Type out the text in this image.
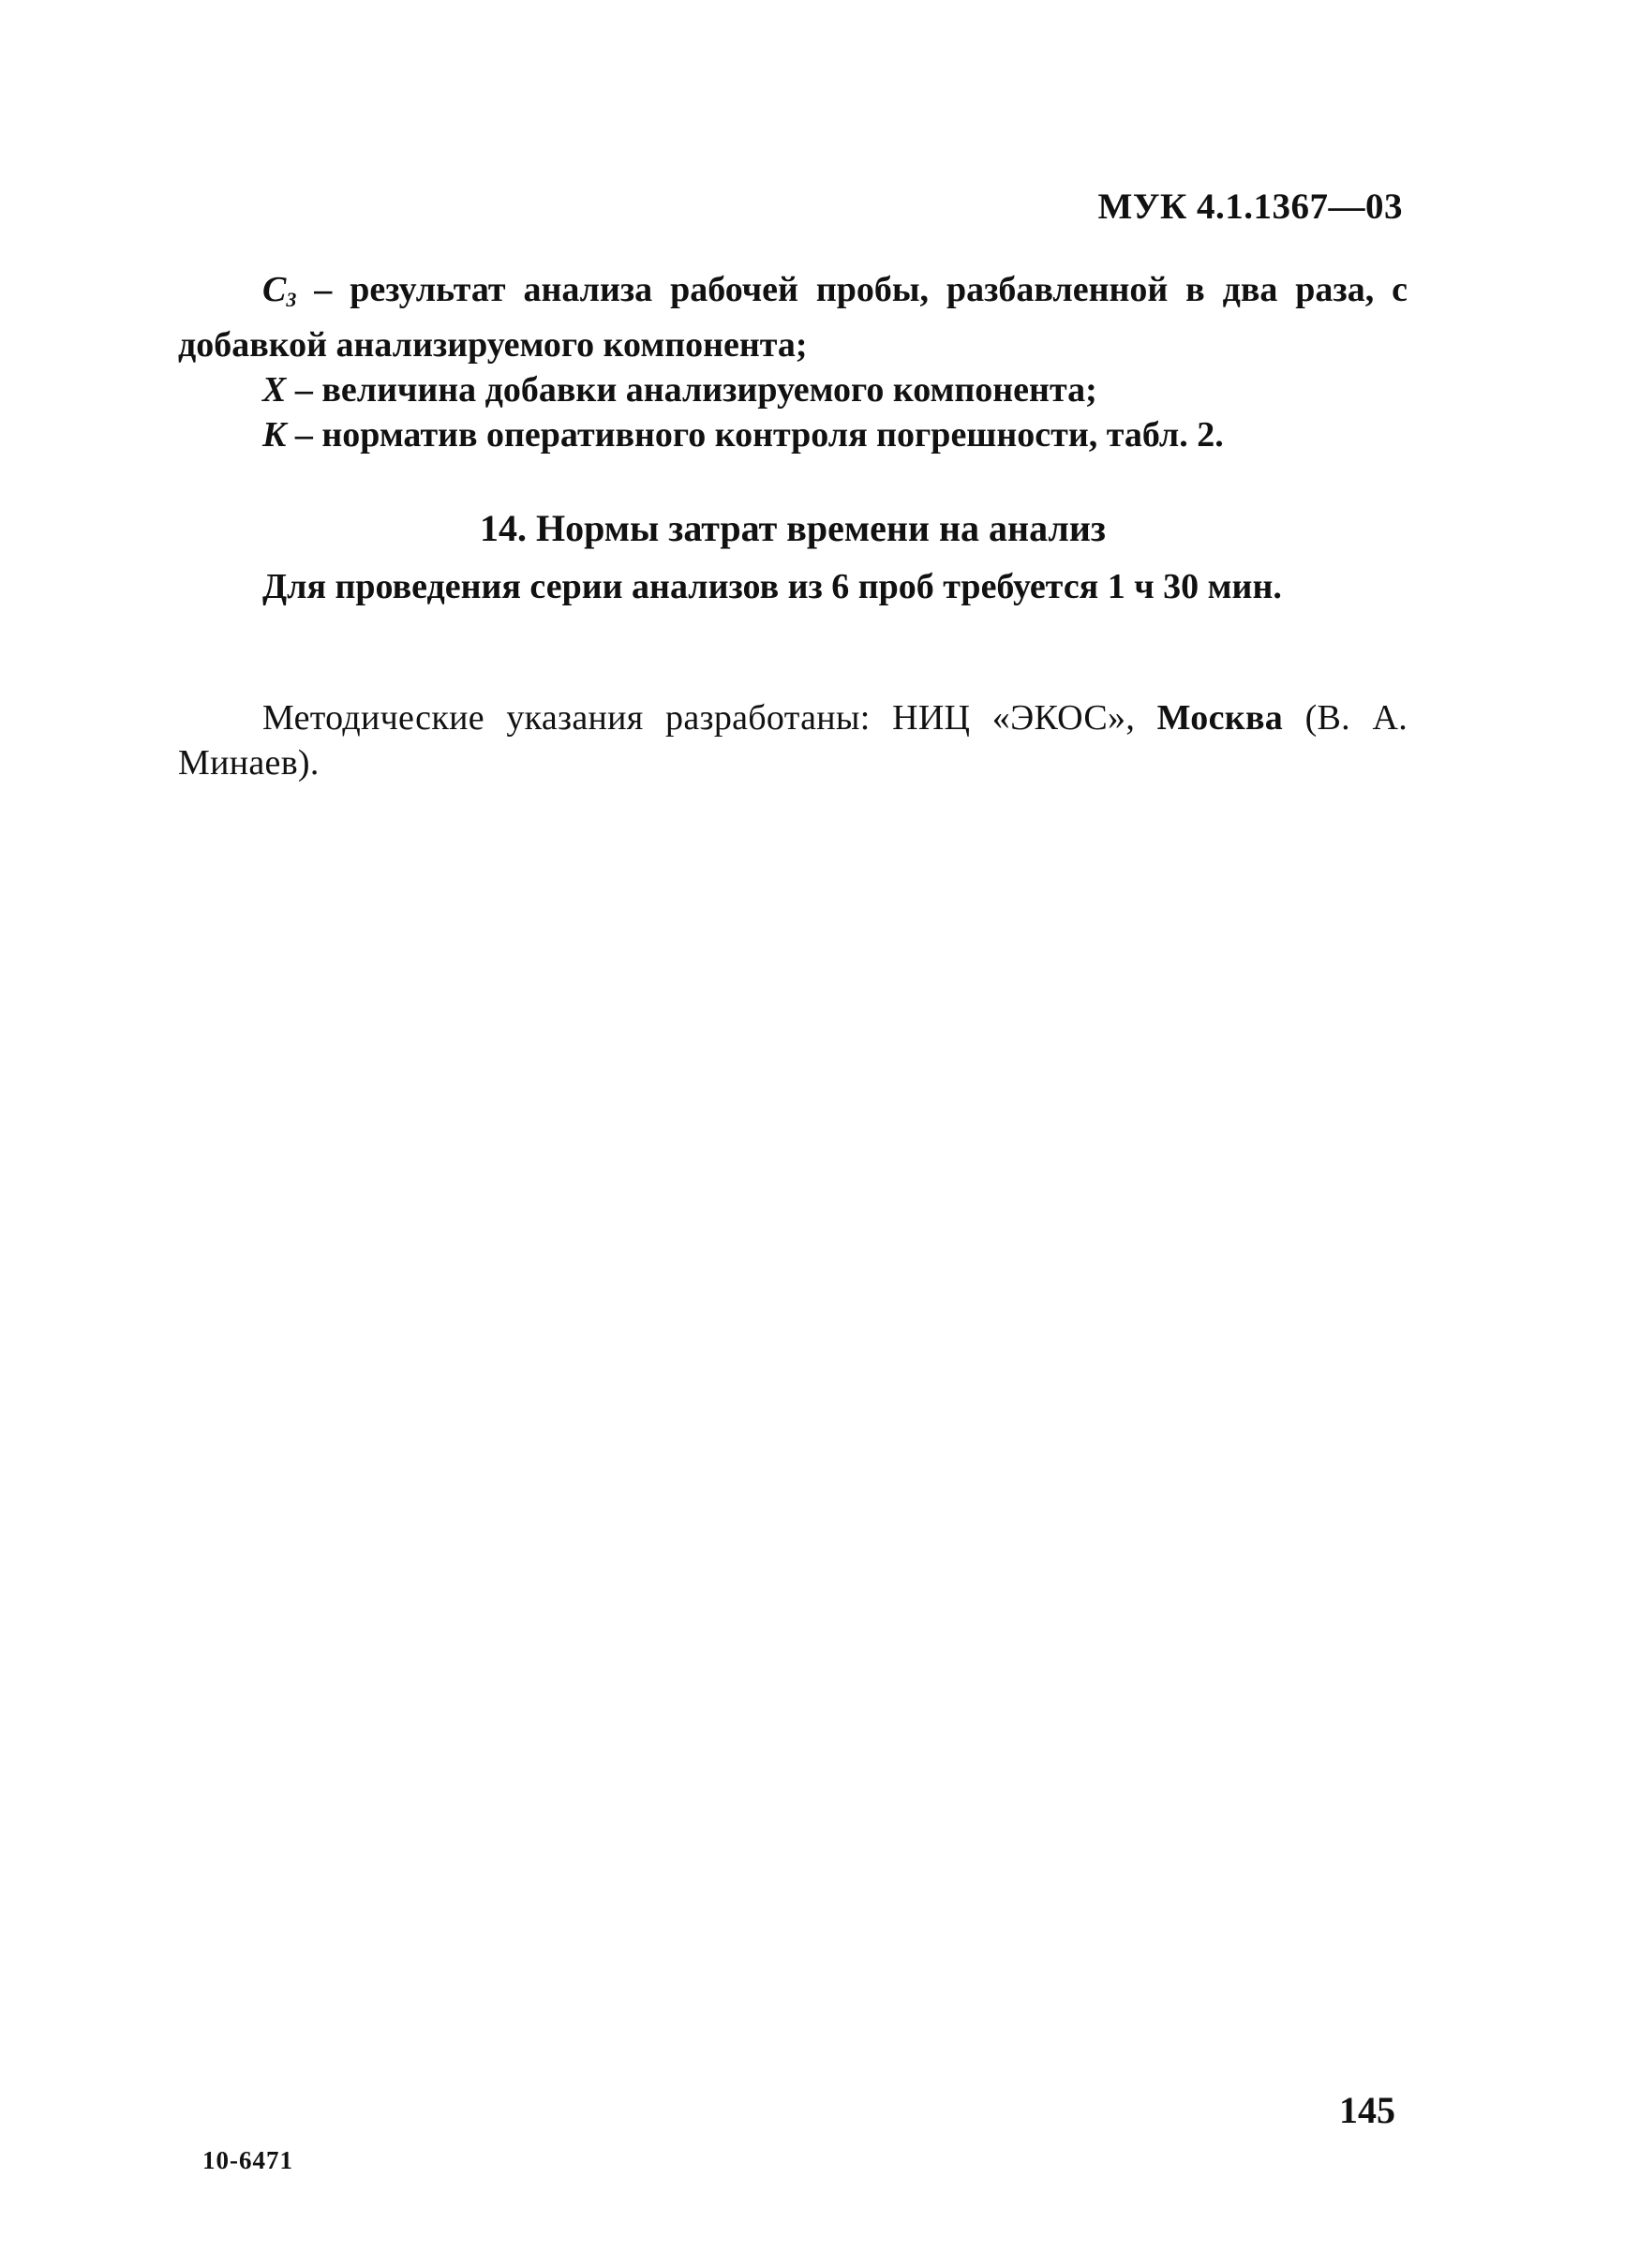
МУК 4.1.1367—03

$C_3$ – результат анализа рабочей пробы, разбавленной в два раза, с добавкой анализируемого компонента;

X – величина добавки анализируемого компонента;

K – норматив оперативного контроля погрешности, табл. 2.

14. Нормы затрат времени на анализ

Для проведения серии анализов из 6 проб требуется 1 ч 30 мин.

Методические указания разработаны: НИЦ «ЭКОС», Москва (В. А. Минаев).

145
10-6471
